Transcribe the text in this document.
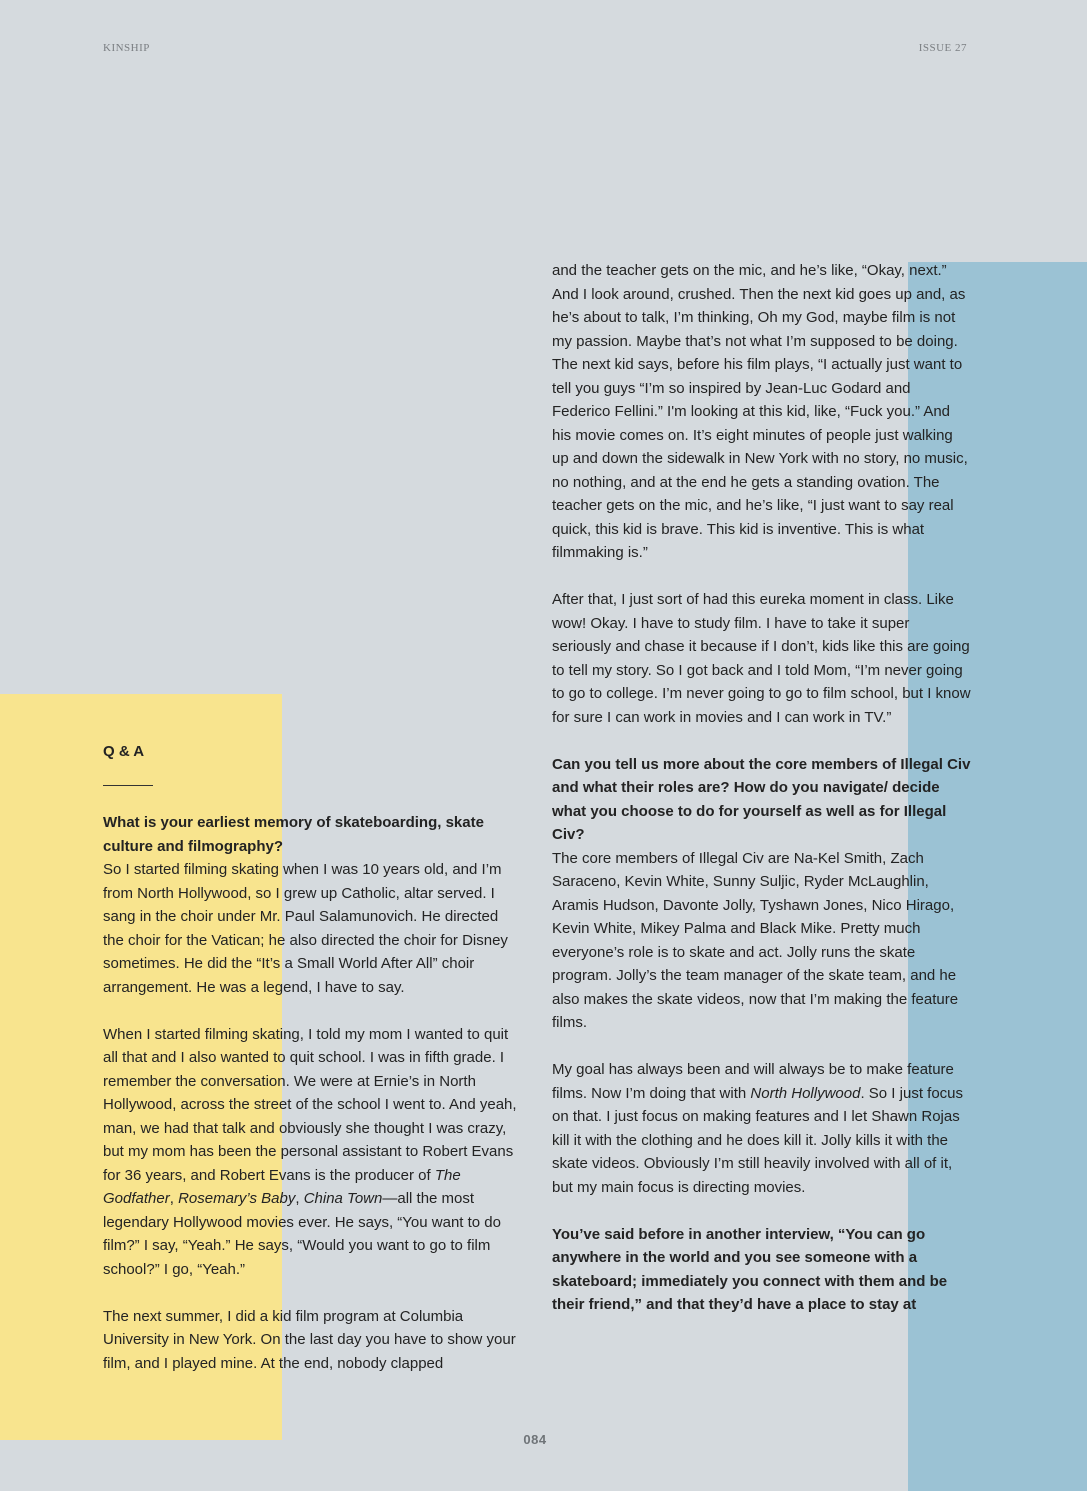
KINSHIP	ISSUE 27
Q & A
What is your earliest memory of skateboarding, skate culture and filmography?

So I started filming skating when I was 10 years old, and I’m from North Hollywood, so I grew up Catholic, altar served. I sang in the choir under Mr. Paul Salamunovich. He directed the choir for the Vatican; he also directed the choir for Disney sometimes. He did the “It’s a Small World After All” choir arrangement. He was a legend, I have to say.

When I started filming skating, I told my mom I wanted to quit all that and I also wanted to quit school. I was in fifth grade. I remember the conversation. We were at Ernie’s in North Hollywood, across the street of the school I went to. And yeah, man, we had that talk and obviously she thought I was crazy, but my mom has been the personal assistant to Robert Evans for 36 years, and Robert Evans is the producer of The Godfather, Rosemary’s Baby, China Town—all the most legendary Hollywood movies ever. He says, “You want to do film?” I say, “Yeah.” He says, “Would you want to go to film school?” I go, “Yeah.”

The next summer, I did a kid film program at Columbia University in New York. On the last day you have to show your film, and I played mine. At the end, nobody clapped

and the teacher gets on the mic, and he’s like, “Okay, next.” And I look around, crushed. Then the next kid goes up and, as he’s about to talk, I’m thinking, Oh my God, maybe film is not my passion. Maybe that’s not what I’m supposed to be doing. The next kid says, before his film plays, “I actually just want to tell you guys “I’m so inspired by Jean-Luc Godard and Federico Fellini.” I'm looking at this kid, like, “Fuck you.” And his movie comes on. It’s eight minutes of people just walking up and down the sidewalk in New York with no story, no music, no nothing, and at the end he gets a standing ovation. The teacher gets on the mic, and he’s like, “I just want to say real quick, this kid is brave. This kid is inventive. This is what filmmaking is.”

After that, I just sort of had this eureka moment in class. Like wow! Okay. I have to study film. I have to take it super seriously and chase it because if I don’t, kids like this are going to tell my story. So I got back and I told Mom, “I’m never going to go to college. I’m never going to go to film school, but I know for sure I can work in movies and I can work in TV.”

Can you tell us more about the core members of Illegal Civ and what their roles are? How do you navigate/ decide what you choose to do for yourself as well as for Illegal Civ?

The core members of Illegal Civ are Na-Kel Smith, Zach Saraceno, Kevin White, Sunny Suljic, Ryder McLaughlin, Aramis Hudson, Davonte Jolly, Tyshawn Jones, Nico Hirago, Kevin White, Mikey Palma and Black Mike. Pretty much everyone’s role is to skate and act. Jolly runs the skate program. Jolly’s the team manager of the skate team, and he also makes the skate videos, now that I’m making the feature films.

My goal has always been and will always be to make feature films. Now I’m doing that with North Hollywood. So I just focus on that. I just focus on making features and I let Shawn Rojas kill it with the clothing and he does kill it. Jolly kills it with the skate videos. Obviously I’m still heavily involved with all of it, but my main focus is directing movies.

You’ve said before in another interview, “You can go anywhere in the world and you see someone with a skateboard; immediately you connect with them and be their friend,” and that they’d have a place to stay at
084
